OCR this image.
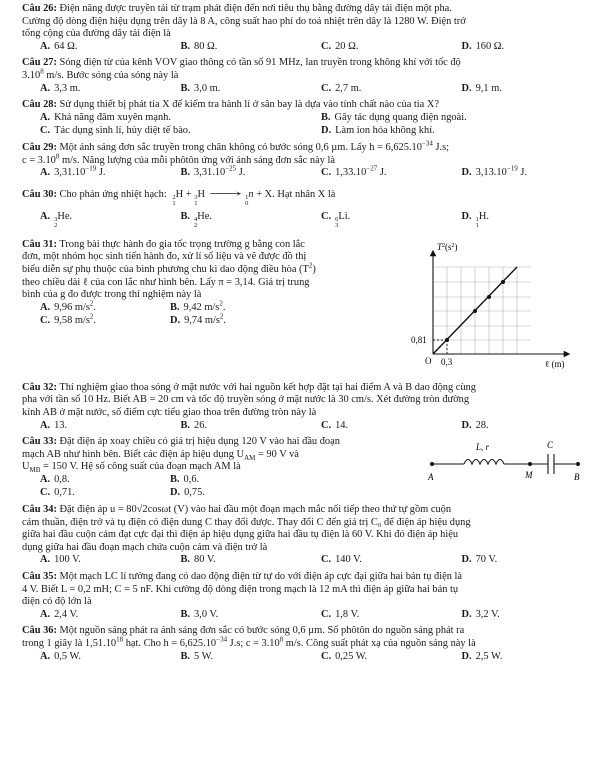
Câu 26: Điện năng được truyền tải từ trạm phát điện đến nơi tiêu thụ bằng đường dây tải điện một pha.
Cường độ dòng điện hiệu dụng trên dây là 8 A, công suất hao phí do toả nhiệt trên dây là 1280 W. Điện trở
tổng cộng của đường dây tải điện là
A. 64 Ω.	B. 80 Ω.	C. 20 Ω.	D. 160 Ω.
Câu 27: Sóng điện từ của kênh VOV giao thông có tần số 91 MHz, lan truyền trong không khí với tốc độ
3.10$^8$ m/s. Bước sóng của sóng này là
A. 3,3 m.	B. 3,0 m.	C. 2,7 m.	D. 9,1 m.
Câu 28: Sử dụng thiết bị phát tia X để kiểm tra hành lí ở sân bay là dựa vào tính chất nào của tia X?
A. Khả năng đâm xuyên mạnh.	B. Gây tác dụng quang điện ngoài.
C. Tác dụng sinh lí, hủy diệt tế bào.	D. Làm ion hóa không khí.
Câu 29: Một ánh sáng đơn sắc truyền trong chân không có bước sóng 0,6 µm. Lấy $h = 6,625.10^{-34}$ J.s;
$c = 3.10^8$ m/s. Năng lượng của mỗi phôtôn ứng với ánh sáng đơn sắc này là
A. $3,31.10^{-19}$ J.	B. $3,31.10^{-25}$ J.	C. $1,33.10^{-27}$ J.	D. $3,13.10^{-19}$ J.
Câu 30: Cho phản ứng nhiệt hạch: 2
1
H + 3
1
H ⟶ 1
0
n + X. Hạt nhân X là
A. 3
2
He.	B. 4
2
He.	C. 6
3
Li.	D. 1
1
H.
Câu 31: Trong bài thực hành đo gia tốc trọng trường g bằng con lắc
đơn, một nhóm học sinh tiến hành đo, xử lí số liệu và vẽ được đồ thị
biểu diễn sự phụ thuộc của bình phương chu kì dao động điều hòa $(T^2)$
theo chiều dài ℓ của con lắc như hình bên. Lấy π = 3,14. Giá trị trung
bình của g đo được trong thí nghiệm này là
A. 9,96 $m/s^2$.	B. 9,42 $m/s^2$.
C. 9,58 $m/s^2$.	D. 9,74 $m/s^2$.
$T^2(s^2)$
0,81
O 0,3	ℓ (m)
Câu 32: Thí nghiệm giao thoa sóng ở mặt nước với hai nguồn kết hợp đặt tại hai điểm A và B dao động cùng
pha với tần số 10 Hz. Biết AB = 20 cm và tốc độ truyền sóng ở mặt nước là 30 cm/s. Xét đường tròn đường
kính AB ở mặt nước, số điểm cực tiểu giao thoa trên đường tròn này là
A. 13.	B. 26.	C. 14.	D. 28.
Câu 33: Đặt điện áp xoay chiều có giá trị hiệu dụng 120 V vào hai đầu đoạn
mạch AB như hình bên. Biết các điện áp hiệu dụng $U_{AM} = 90$ V và
$U_{MB} = 150$ V. Hệ số công suất của đoạn mạch AM là
A. 0,8.	B. 0,6.
C. 0,71.	D. 0,75.
L, r	C
A	M	B
Câu 34: Đặt điện áp u = 80√2cosωt (V) vào hai đầu một đoạn mạch mắc nối tiếp theo thứ tự gồm cuộn
cảm thuần, điện trở và tụ điện có điện dung C thay đổi được. Thay đổi C đến giá trị C₀ để điện áp hiệu dụng
giữa hai đầu cuộn cảm đạt cực đại thì điện áp hiệu dụng giữa hai đầu tụ điện là 60 V. Khi đó điện áp hiệu
dụng giữa hai đầu đoạn mạch chứa cuộn cảm và điện trở là
A. 100 V.	B. 80 V.	C. 140 V.	D. 70 V.
Câu 35: Một mạch LC lí tưởng đang có dao động điện từ tự do với điện áp cực đại giữa hai bản tụ điện là
4 V. Biết L = 0,2 mH; C = 5 nF. Khi cường độ dòng điện trong mạch là 12 mA thì điện áp giữa hai bản tụ
điện có độ lớn là
A. 2,4 V.	B. 3,0 V.	C. 1,8 V.	D. 3,2 V.
Câu 36: Một nguồn sáng phát ra ánh sáng đơn sắc có bước sóng 0,6 µm. Số phôtôn do nguồn sáng phát ra
trong 1 giây là 1,51.10$^{18}$ hạt. Cho $h = 6,625.10^{-34}$ J.s; $c = 3.10^8$ m/s. Công suất phát xạ của nguồn sáng này là
A. 0,5 W.	B. 5 W.	C. 0,25 W.	D. 2,5 W.
